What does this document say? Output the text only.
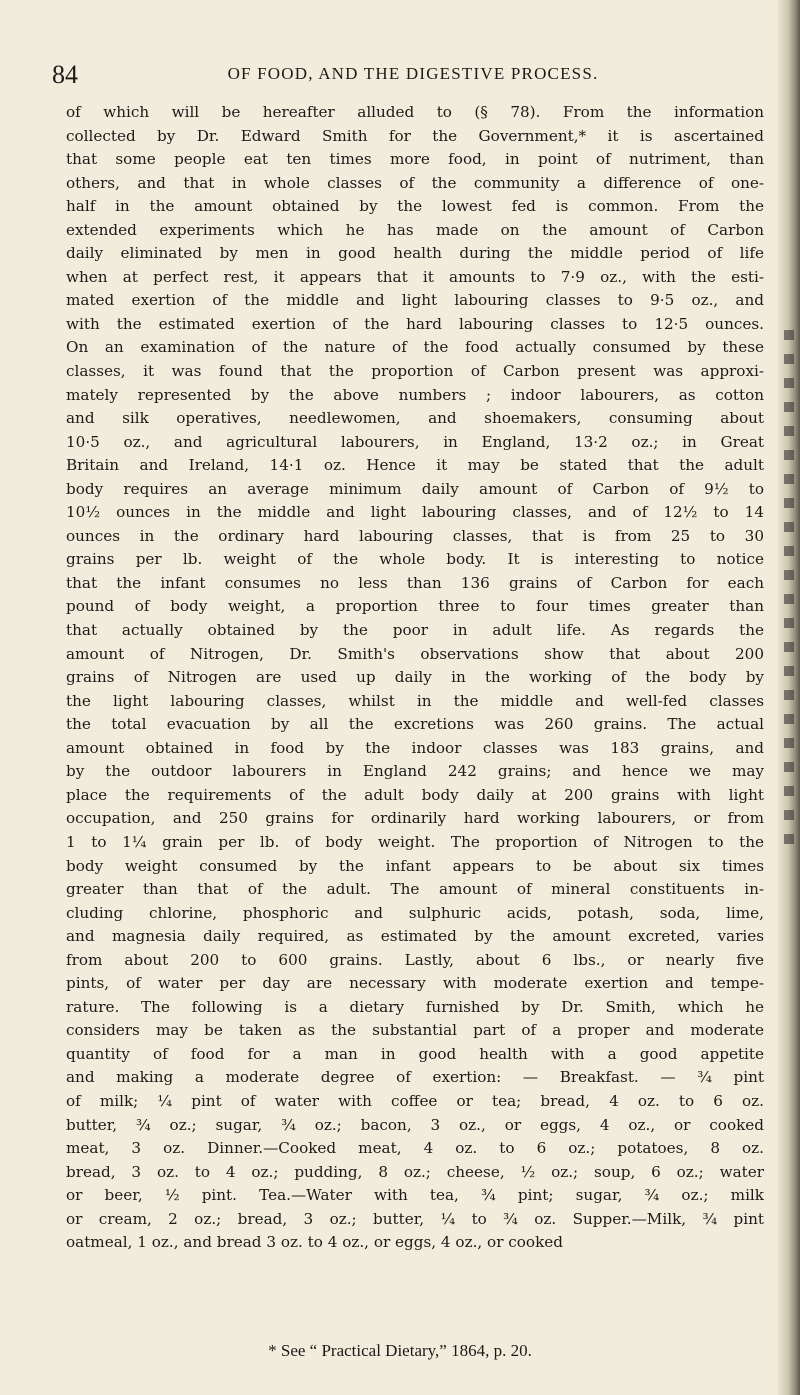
84	OF FOOD, AND THE DIGESTIVE PROCESS.
of which will be hereafter alluded to (§ 78). From the information
collected by Dr. Edward Smith for the Government,* it is ascertained
that some people eat ten times more food, in point of nutriment, than
others, and that in whole classes of the community a difference of one-
half in the amount obtained by the lowest fed is common. From the
extended experiments which he has made on the amount of Carbon
daily eliminated by men in good health during the middle period of life
when at perfect rest, it appears that it amounts to 7·9 oz., with the esti-
mated exertion of the middle and light labouring classes to 9·5 oz., and
with the estimated exertion of the hard labouring classes to 12·5 ounces.
On an examination of the nature of the food actually consumed by these
classes, it was found that the proportion of Carbon present was approxi-
mately represented by the above numbers ; indoor labourers, as cotton
and silk operatives, needlewomen, and shoemakers, consuming about
10·5 oz., and agricultural labourers, in England, 13·2 oz.; in Great
Britain and Ireland, 14·1 oz. Hence it may be stated that the adult
body requires an average minimum daily amount of Carbon of 9½ to
10½ ounces in the middle and light labouring classes, and of 12½ to 14
ounces in the ordinary hard labouring classes, that is from 25 to 30
grains per lb. weight of the whole body. It is interesting to notice
that the infant consumes no less than 136 grains of Carbon for each
pound of body weight, a proportion three to four times greater than
that actually obtained by the poor in adult life. As regards the
amount of Nitrogen, Dr. Smith's observations show that about 200
grains of Nitrogen are used up daily in the working of the body by
the light labouring classes, whilst in the middle and well-fed classes
the total evacuation by all the excretions was 260 grains. The actual
amount obtained in food by the indoor classes was 183 grains, and
by the outdoor labourers in England 242 grains; and hence we may
place the requirements of the adult body daily at 200 grains with light
occupation, and 250 grains for ordinarily hard working labourers, or from
1 to 1¼ grain per lb. of body weight. The proportion of Nitrogen to the
body weight consumed by the infant appears to be about six times
greater than that of the adult. The amount of mineral constituents in-
cluding chlorine, phosphoric and sulphuric acids, potash, soda, lime,
and magnesia daily required, as estimated by the amount excreted, varies
from about 200 to 600 grains. Lastly, about 6 lbs., or nearly five
pints, of water per day are necessary with moderate exertion and tempe-
rature. The following is a dietary furnished by Dr. Smith, which he
considers may be taken as the substantial part of a proper and moderate
quantity of food for a man in good health with a good appetite
and making a moderate degree of exertion: — Breakfast. — ¾ pint
of milk; ¼ pint of water with coffee or tea; bread, 4 oz. to 6 oz.
butter, ¾ oz.; sugar, ¾ oz.; bacon, 3 oz., or eggs, 4 oz., or cooked
meat, 3 oz. Dinner.—Cooked meat, 4 oz. to 6 oz.; potatoes, 8 oz.
bread, 3 oz. to 4 oz.; pudding, 8 oz.; cheese, ½ oz.; soup, 6 oz.; water
or beer, ½ pint. Tea.—Water with tea, ¾ pint; sugar, ¾ oz.; milk
or cream, 2 oz.; bread, 3 oz.; butter, ¼ to ¾ oz. Supper.—Milk, ¾ pint
oatmeal, 1 oz., and bread 3 oz. to 4 oz., or eggs, 4 oz., or cooked
* See “ Practical Dietary,” 1864, p. 20.
